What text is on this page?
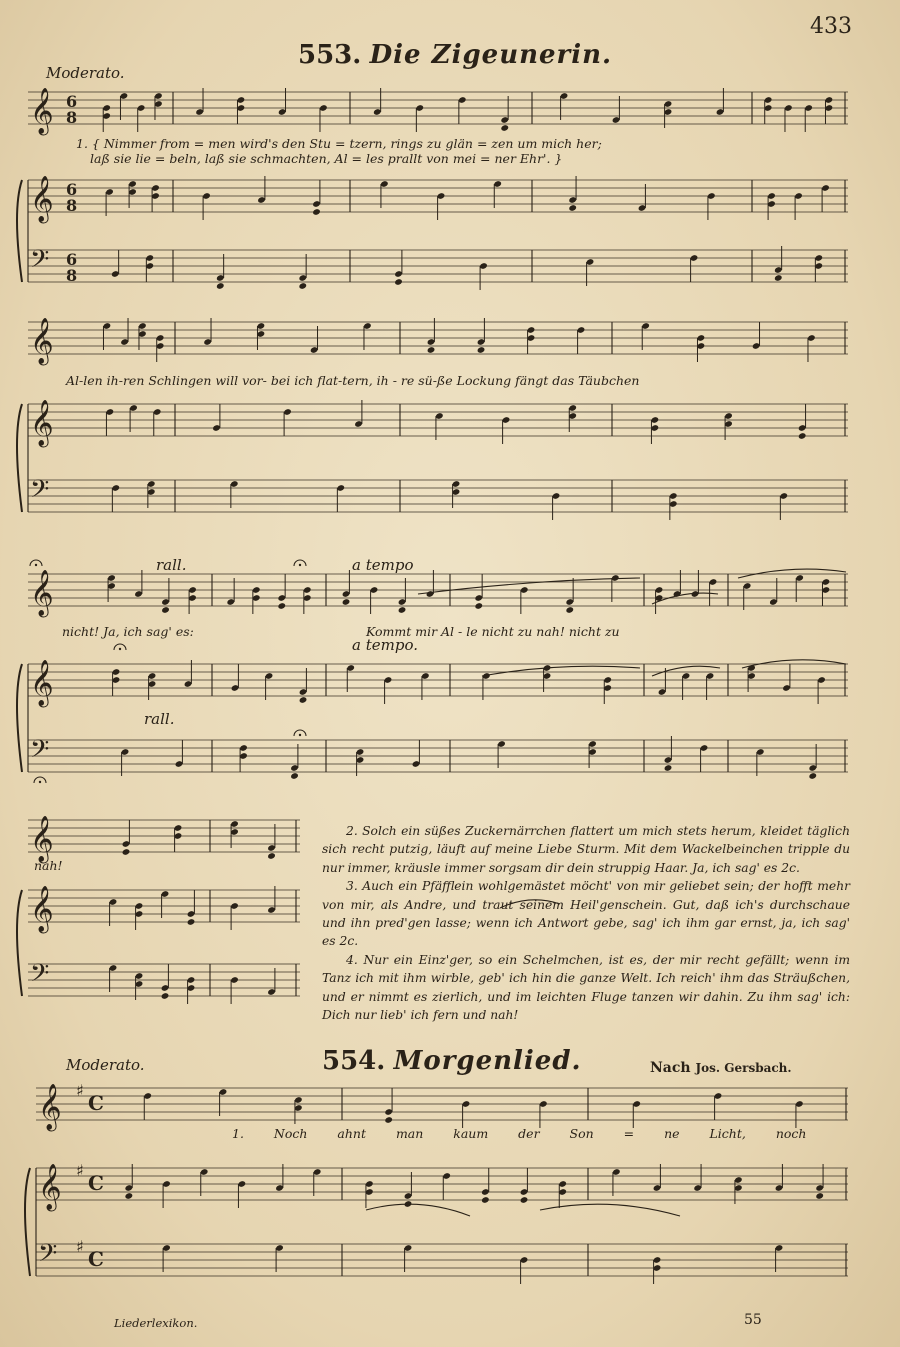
𝄞 6
8
𝄞 6
8
𝄢 6
8
𝄞
𝄞
𝄢
𝄞
𝄞
𝄢
𝄞
𝄞
𝄢
𝄞 ♯
C
𝄞 ♯
C
𝄢 ♯
C
433
553. Die Zigeunerin.
Moderato.
1. { Nimmer from = men wird's den Stu = tzern, rings zu glän = zen um mich her;
laß sie lie = beln, laß sie schmachten, Al = les prallt von mei = ner Ehr'. }
Al-len ih-ren Schlingen will vor- bei ich flat-tern, ih - re sü-ße Lockung fängt das Täubchen
nicht! Ja, ich sag' es:	Kommt mir Al - le nicht zu nah! nicht zu
nah!
rall.
rall.
a tempo
a tempo.

2. Solch ein süßes Zuckernärrchen flattert um mich stets herum, kleidet täglich sich recht putzig, läuft auf meine Liebe Sturm. Mit dem Wackelbeinchen tripple du nur immer, kräusle immer sorgsam dir dein struppig Haar. Ja, ich sag' es 2c.

3. Auch ein Pfäfflein wohlgemästet möcht' von mir geliebet sein; der hofft mehr von mir, als Andre, und traut seinem Heil'genschein. Gut, daß ich's durchschaue und ihn pred'gen lasse; wenn ich Antwort gebe, sag' ich ihm gar ernst, ja, ich sag' es 2c.

4. Nur ein Einz'ger, so ein Schelmchen, ist es, der mir recht gefällt; wenn im Tanz ich mit ihm wirble, geb' ich hin die ganze Welt. Ich reich' ihm das Sträußchen, und er nimmt es zierlich, und im leichten Fluge tanzen wir dahin. Zu ihm sag' ich: Dich nur lieb' ich fern und nah!

Moderato.	554. Morgenlied.	Nach Jos. Gersbach.
1. Noch ahnt man kaum der Son = ne Licht, noch
Liederlexikon.	55
